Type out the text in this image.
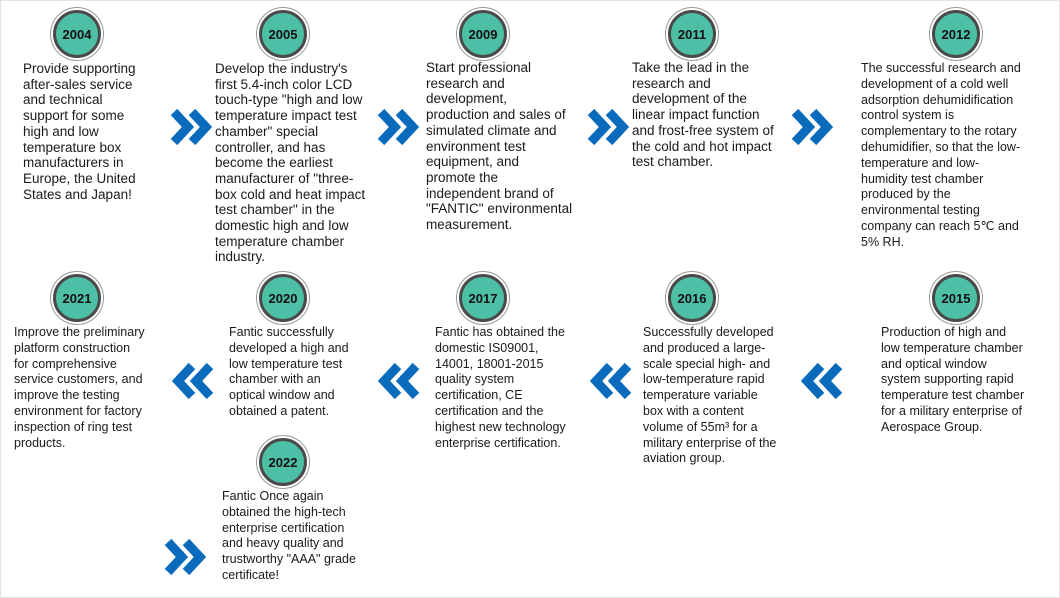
2004
Provide supporting
after-sales service
and technical
support for some
high and low
temperature box
manufacturers in
Europe, the United
States and Japan!
2005
Develop the industry's
first 5.4-inch color LCD
touch-type "high and low
temperature impact test
chamber" special
controller, and has
become the earliest
manufacturer of "three-
box cold and heat impact
test chamber" in the
domestic high and low
temperature chamber
industry.
2009
Start professional
research and
development,
production and sales of
simulated climate and
environment test
equipment, and
promote the
independent brand of
"FANTIC" environmental
measurement.
2011
Take the lead in the
research and
development of the
linear impact function
and frost-free system of
the cold and hot impact
test chamber.
2012
The successful research and
development of a cold well
adsorption dehumidification
control system is
complementary to the rotary
dehumidifier, so that the low-
temperature and low-
humidity test chamber
produced by the
environmental testing
company can reach 5℃ and
5% RH.
2021
Improve the preliminary
platform construction
for comprehensive
service customers, and
improve the testing
environment for factory
inspection of ring test
products.
2020
Fantic successfully
developed a high and
low temperature test
chamber with an
optical window and
obtained a patent.
2017
Fantic has obtained the
domestic IS09001,
14001, 18001-2015
quality system
certification, CE
certification and the
highest new technology
enterprise certification.
2016
Successfully developed
and produced a large-
scale special high- and
low-temperature rapid
temperature variable
box with a content
volume of 55m³ for a
military enterprise of the
aviation group.
2015
Production of high and
low temperature chamber
and optical window
system supporting rapid
temperature test chamber
for a military enterprise of
Aerospace Group.
2022
Fantic Once again
obtained the high-tech
enterprise certification
and heavy quality and
trustworthy "AAA" grade
certificate!
